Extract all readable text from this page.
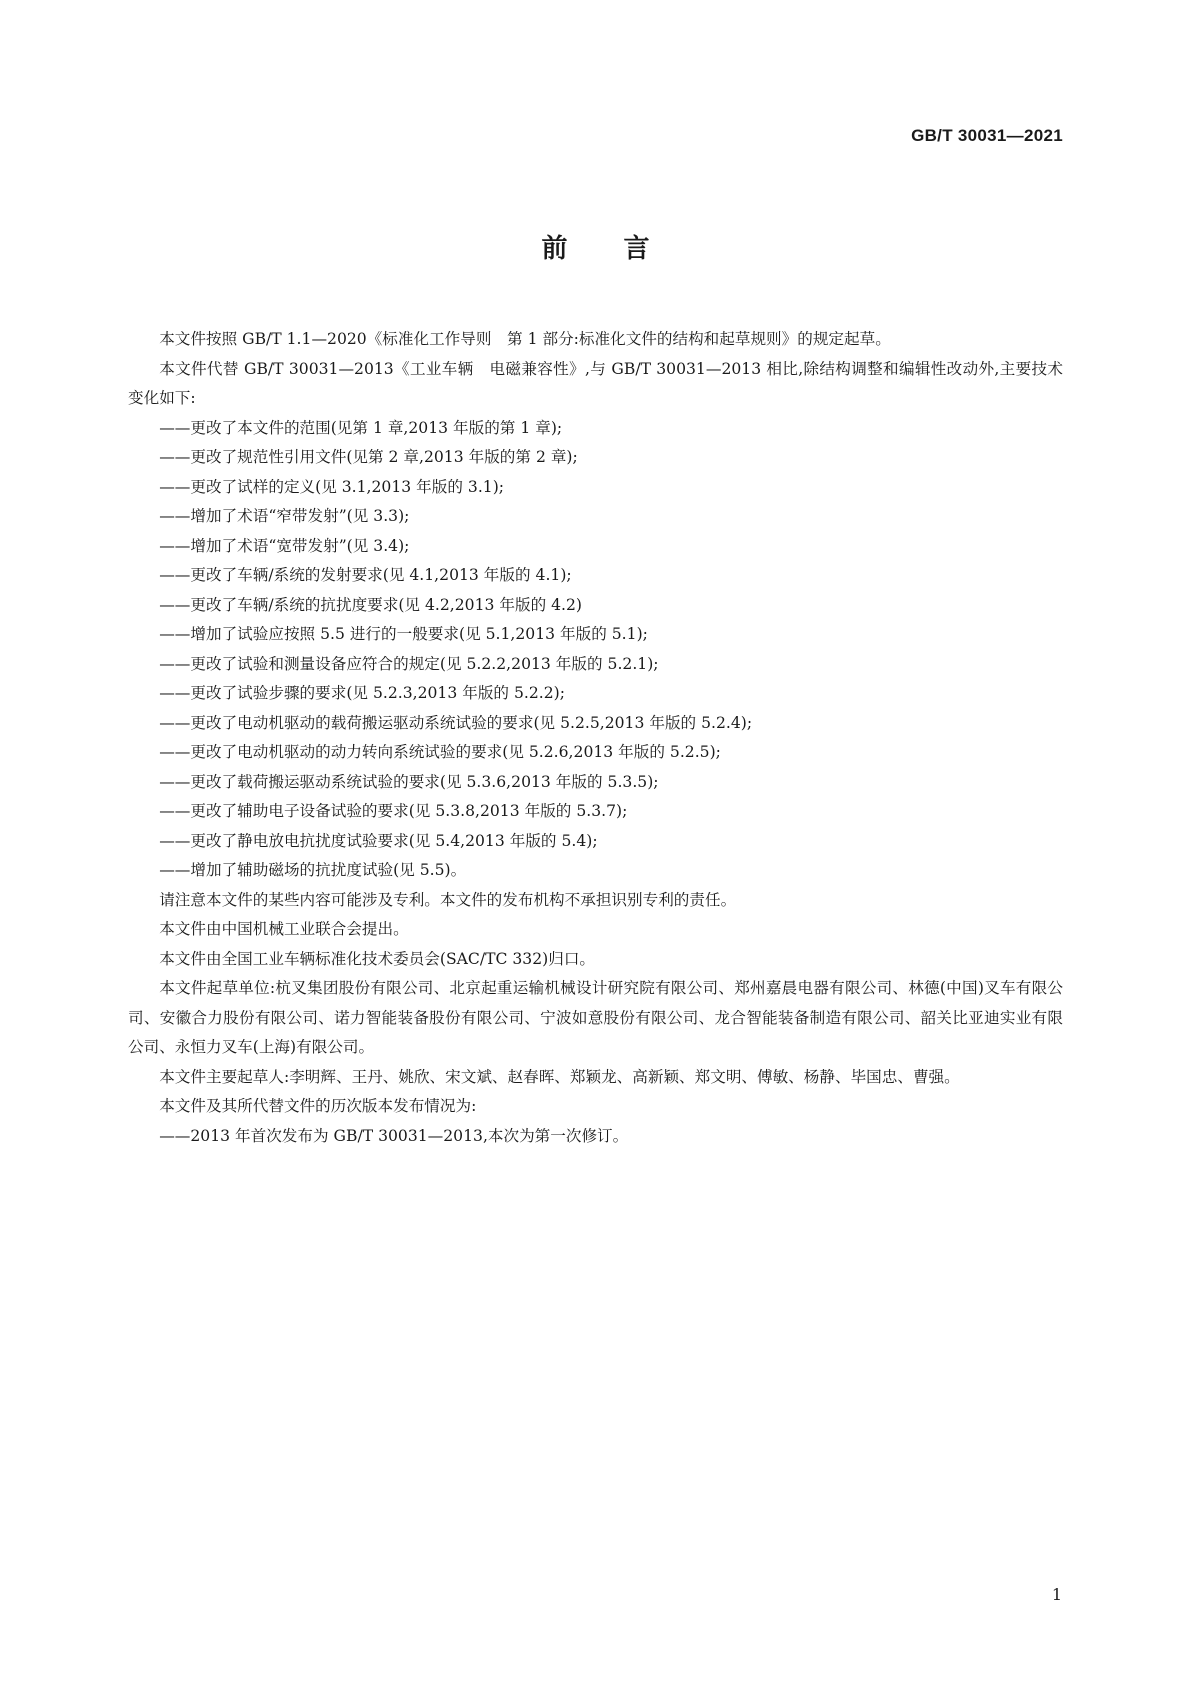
GB/T 30031—2021
前言

本文件按照 GB/T 1.1—2020《标准化工作导则　第 1 部分:标准化文件的结构和起草规则》的规定起草。

本文件代替 GB/T 30031—2013《工业车辆　电磁兼容性》,与 GB/T 30031—2013 相比,除结构调整和编辑性改动外,主要技术变化如下:

——更改了本文件的范围(见第 1 章,2013 年版的第 1 章);
——更改了规范性引用文件(见第 2 章,2013 年版的第 2 章);
——更改了试样的定义(见 3.1,2013 年版的 3.1);
——增加了术语“窄带发射”(见 3.3);
——增加了术语“宽带发射”(见 3.4);
——更改了车辆/系统的发射要求(见 4.1,2013 年版的 4.1);
——更改了车辆/系统的抗扰度要求(见 4.2,2013 年版的 4.2)
——增加了试验应按照 5.5 进行的一般要求(见 5.1,2013 年版的 5.1);
——更改了试验和测量设备应符合的规定(见 5.2.2,2013 年版的 5.2.1);
——更改了试验步骤的要求(见 5.2.3,2013 年版的 5.2.2);
——更改了电动机驱动的载荷搬运驱动系统试验的要求(见 5.2.5,2013 年版的 5.2.4);
——更改了电动机驱动的动力转向系统试验的要求(见 5.2.6,2013 年版的 5.2.5);
——更改了载荷搬运驱动系统试验的要求(见 5.3.6,2013 年版的 5.3.5);
——更改了辅助电子设备试验的要求(见 5.3.8,2013 年版的 5.3.7);
——更改了静电放电抗扰度试验要求(见 5.4,2013 年版的 5.4);
——增加了辅助磁场的抗扰度试验(见 5.5)。

请注意本文件的某些内容可能涉及专利。本文件的发布机构不承担识别专利的责任。

本文件由中国机械工业联合会提出。

本文件由全国工业车辆标准化技术委员会(SAC/TC 332)归口。

本文件起草单位:杭叉集团股份有限公司、北京起重运输机械设计研究院有限公司、郑州嘉晨电器有限公司、林德(中国)叉车有限公司、安徽合力股份有限公司、诺力智能装备股份有限公司、宁波如意股份有限公司、龙合智能装备制造有限公司、韶关比亚迪实业有限公司、永恒力叉车(上海)有限公司。

本文件主要起草人:李明辉、王丹、姚欣、宋文斌、赵春晖、郑颖龙、高新颖、郑文明、傅敏、杨静、毕国忠、曹强。

本文件及其所代替文件的历次版本发布情况为:

——2013 年首次发布为 GB/T 30031—2013,本次为第一次修订。
1
